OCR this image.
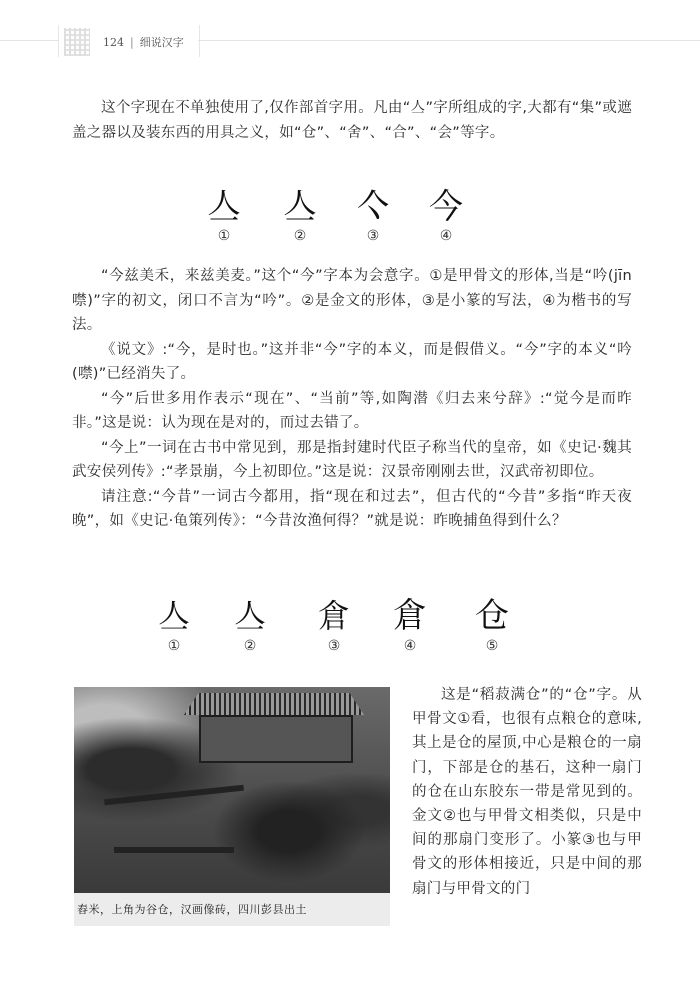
124 | 细说汉字

这个字现在不单独使用了,仅作部首字用。凡由“亼”字所组成的字,大都有“集”或遮盖之器以及装东西的用具之义，如“仓”、“舍”、“合”、“会”等字。

亼
①
亼
②
亽
③
今
④

“今兹美禾，来兹美麦。”这个“今”字本为会意字。①是甲骨文的形体,当是“吟(jīn噤)”字的初文，闭口不言为“吟”。②是金文的形体，③是小篆的写法，④为楷书的写法。

《说文》:“今，是时也。”这并非“今”字的本义，而是假借义。“今”字的本义“吟(噤)”已经消失了。

“今”后世多用作表示“现在”、“当前”等,如陶潜《归去来兮辞》:“觉今是而昨非。”这是说：认为现在是对的，而过去错了。

“今上”一词在古书中常见到，那是指封建时代臣子称当代的皇帝，如《史记·魏其武安侯列传》:“孝景崩，今上初即位。”这是说：汉景帝刚刚去世，汉武帝初即位。

请注意:“今昔”一词古今都用，指“现在和过去”，但古代的“今昔”多指“昨天夜晚”，如《史记·龟策列传》：“今昔汝渔何得？”就是说：昨晚捕鱼得到什么？

亼
①
亼
②
倉
③
倉
④
仓
⑤
舂米，上角为谷仓，汉画像砖，四川彭县出土

这是“稻菽满仓”的“仓”字。从甲骨文①看，也很有点粮仓的意味,其上是仓的屋顶,中心是粮仓的一扇门，下部是仓的基石，这种一扇门的仓在山东胶东一带是常见到的。金文②也与甲骨文相类似，只是中间的那扇门变形了。小篆③也与甲骨文的形体相接近，只是中间的那扇门与甲骨文的门
